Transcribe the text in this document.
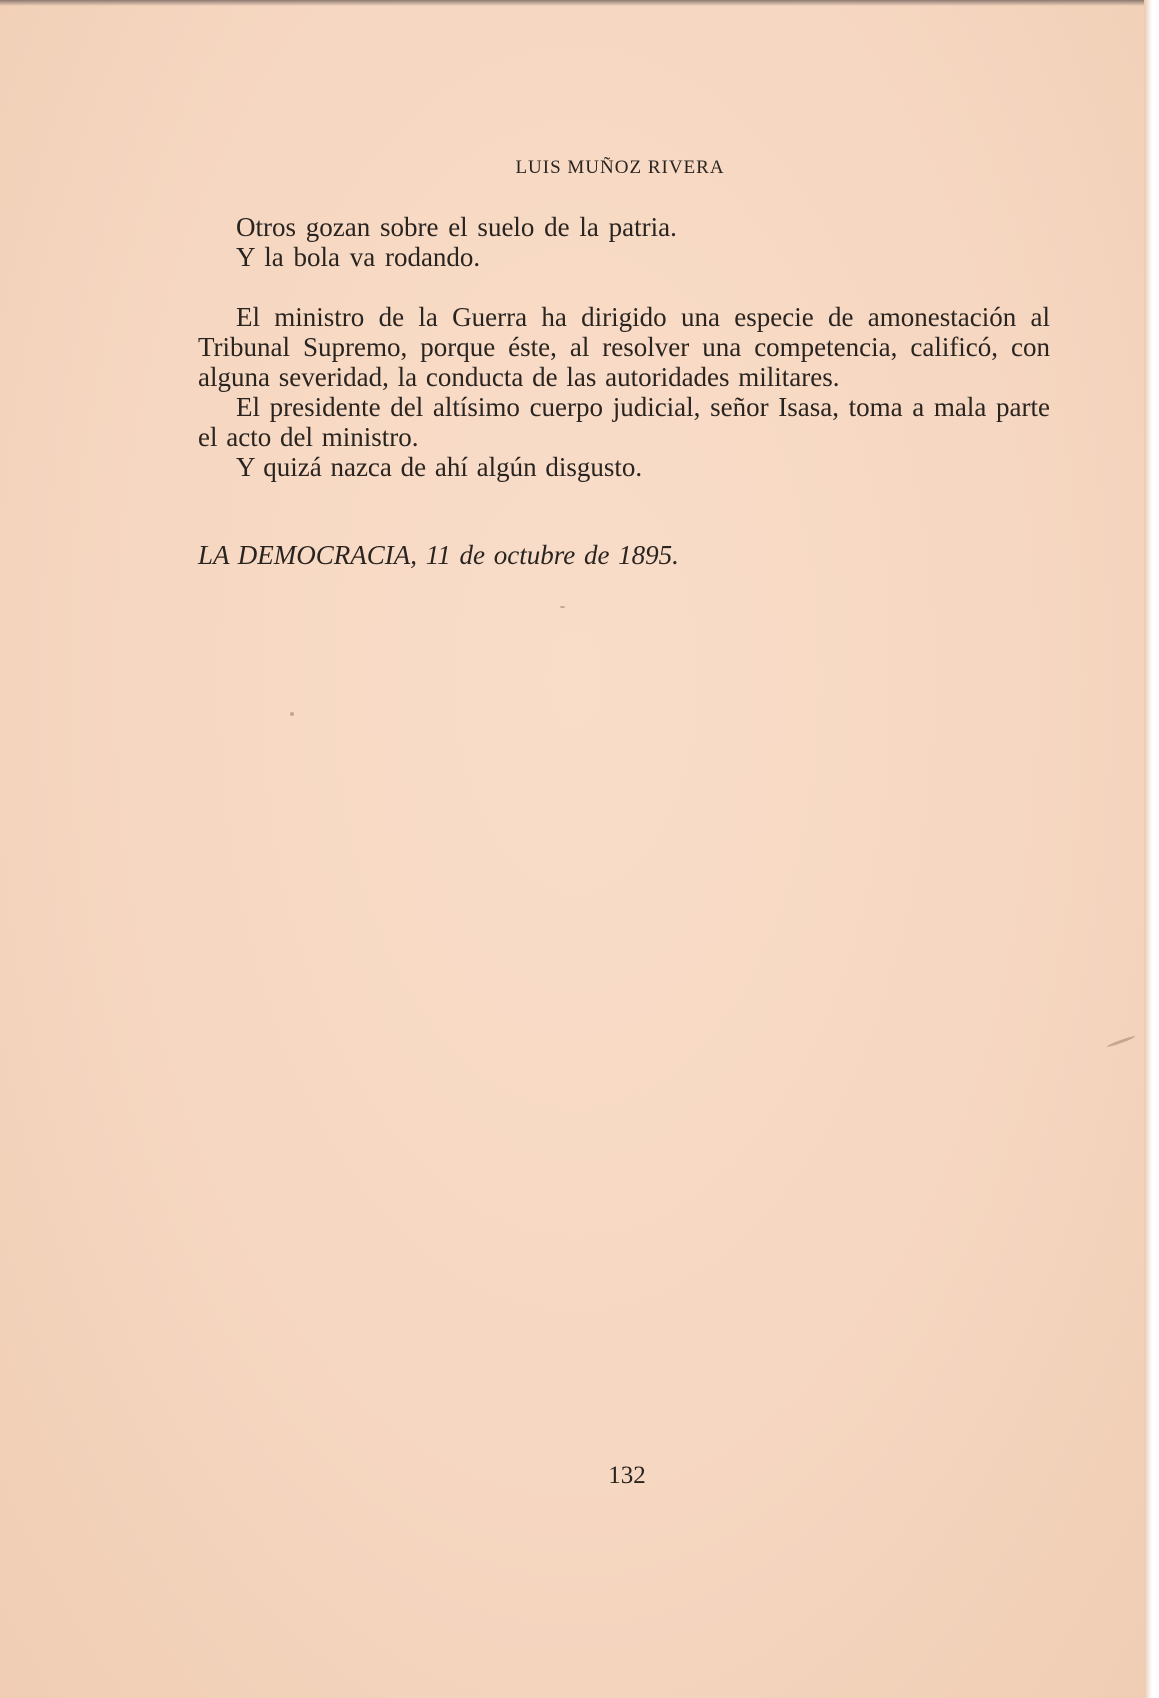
LUIS MUÑOZ RIVERA
Otros gozan sobre el suelo de la patria.
Y la bola va rodando.

El ministro de la Guerra ha dirigido una especie de amonestación al Tribunal Supremo, porque éste, al resolver una competencia, calificó, con alguna severidad, la conducta de las autoridades militares.

El presidente del altísimo cuerpo judicial, señor Isasa, toma a mala parte el acto del ministro.

Y quizá nazca de ahí algún disgusto.

LA DEMOCRACIA, 11 de octubre de 1895.
132
